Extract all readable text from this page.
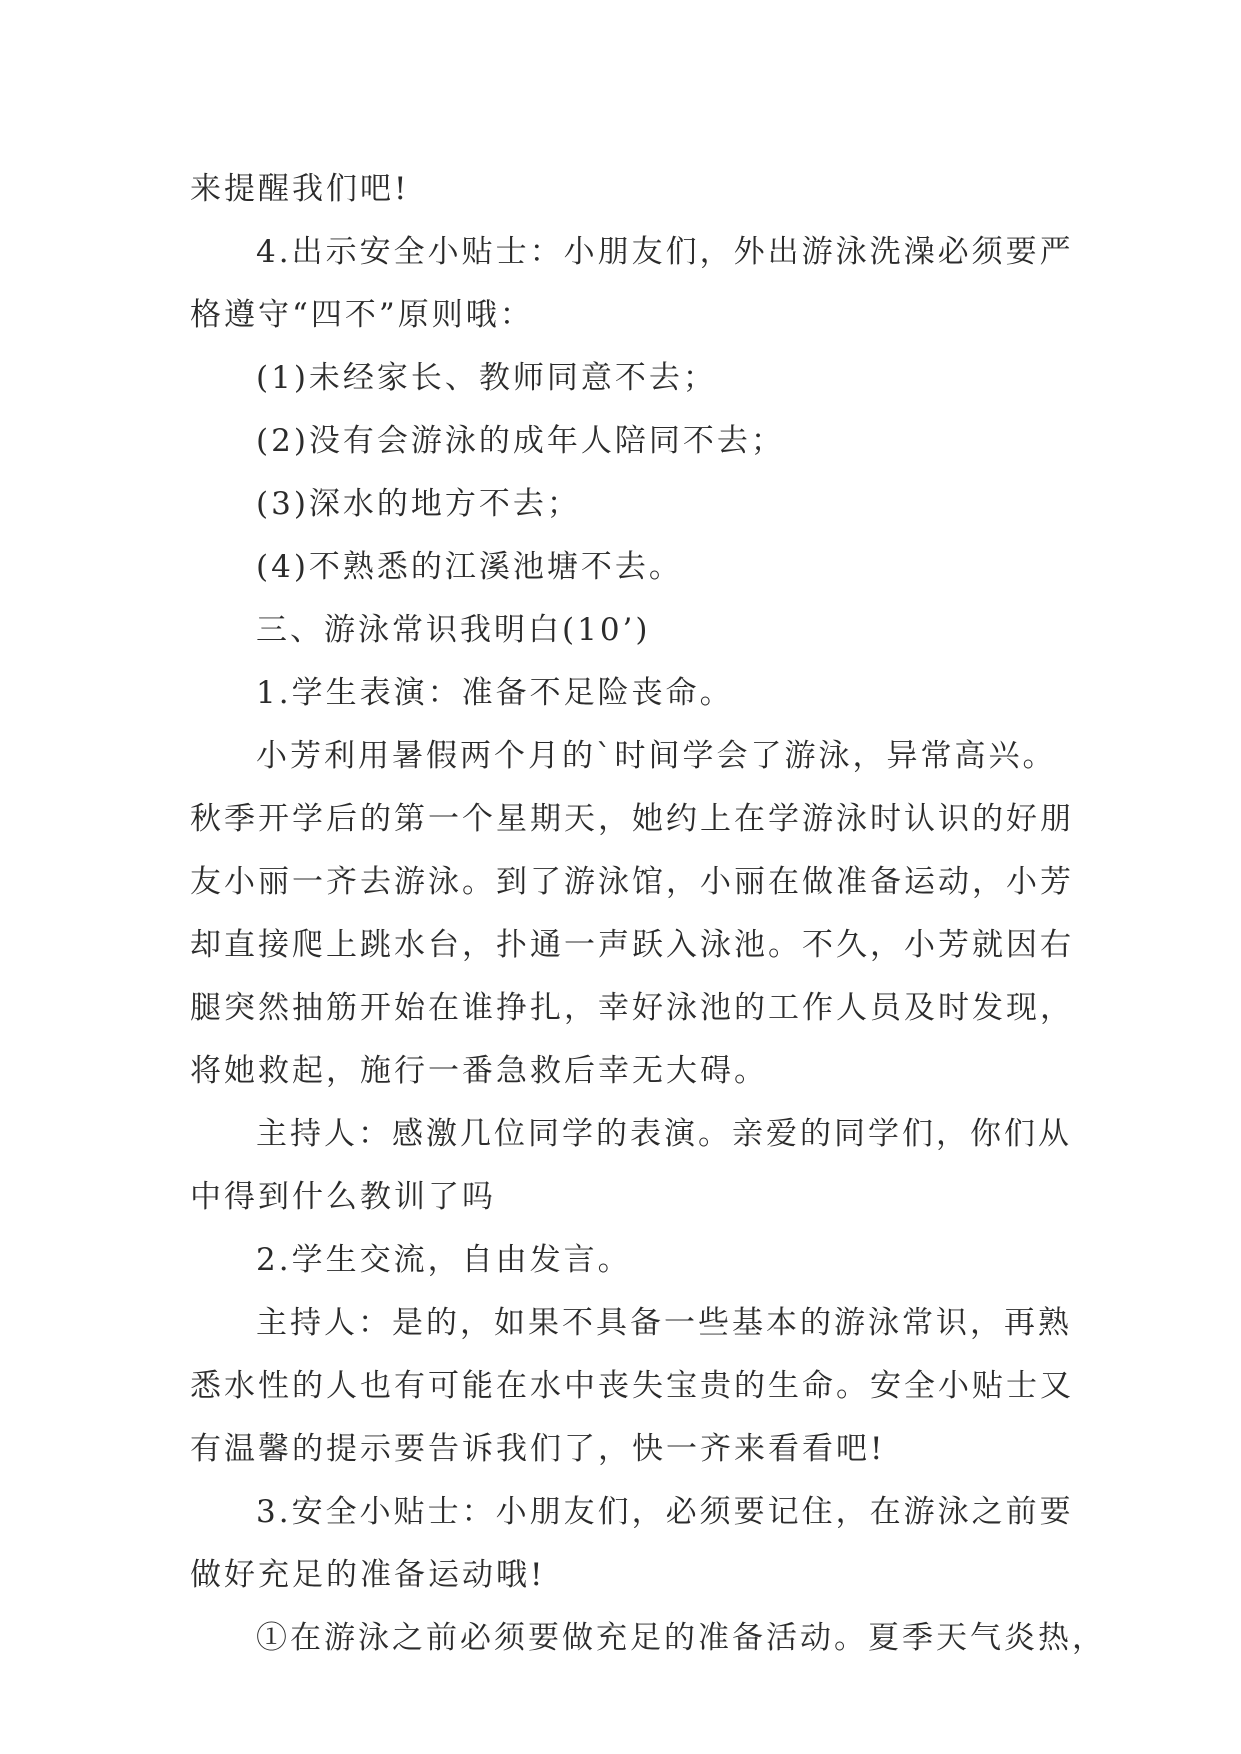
来提醒我们吧!
4.出示安全小贴士：小朋友们，外出游泳洗澡必须要严
格遵守“四不”原则哦：
(1)未经家长、教师同意不去；
(2)没有会游泳的成年人陪同不去；
(3)深水的地方不去；
(4)不熟悉的江溪池塘不去。
三、游泳常识我明白(10’)
1.学生表演：准备不足险丧命。
小芳利用暑假两个月的`时间学会了游泳，异常高兴。
秋季开学后的第一个星期天，她约上在学游泳时认识的好朋
友小丽一齐去游泳。到了游泳馆，小丽在做准备运动，小芳
却直接爬上跳水台，扑通一声跃入泳池。不久，小芳就因右
腿突然抽筋开始在谁挣扎，幸好泳池的工作人员及时发现，
将她救起，施行一番急救后幸无大碍。
主持人：感激几位同学的表演。亲爱的同学们，你们从
中得到什么教训了吗
2.学生交流，自由发言。
主持人：是的，如果不具备一些基本的游泳常识，再熟
悉水性的人也有可能在水中丧失宝贵的生命。安全小贴士又
有温馨的提示要告诉我们了，快一齐来看看吧!
3.安全小贴士：小朋友们，必须要记住，在游泳之前要
做好充足的准备运动哦!
①在游泳之前必须要做充足的准备活动。夏季天气炎热，
